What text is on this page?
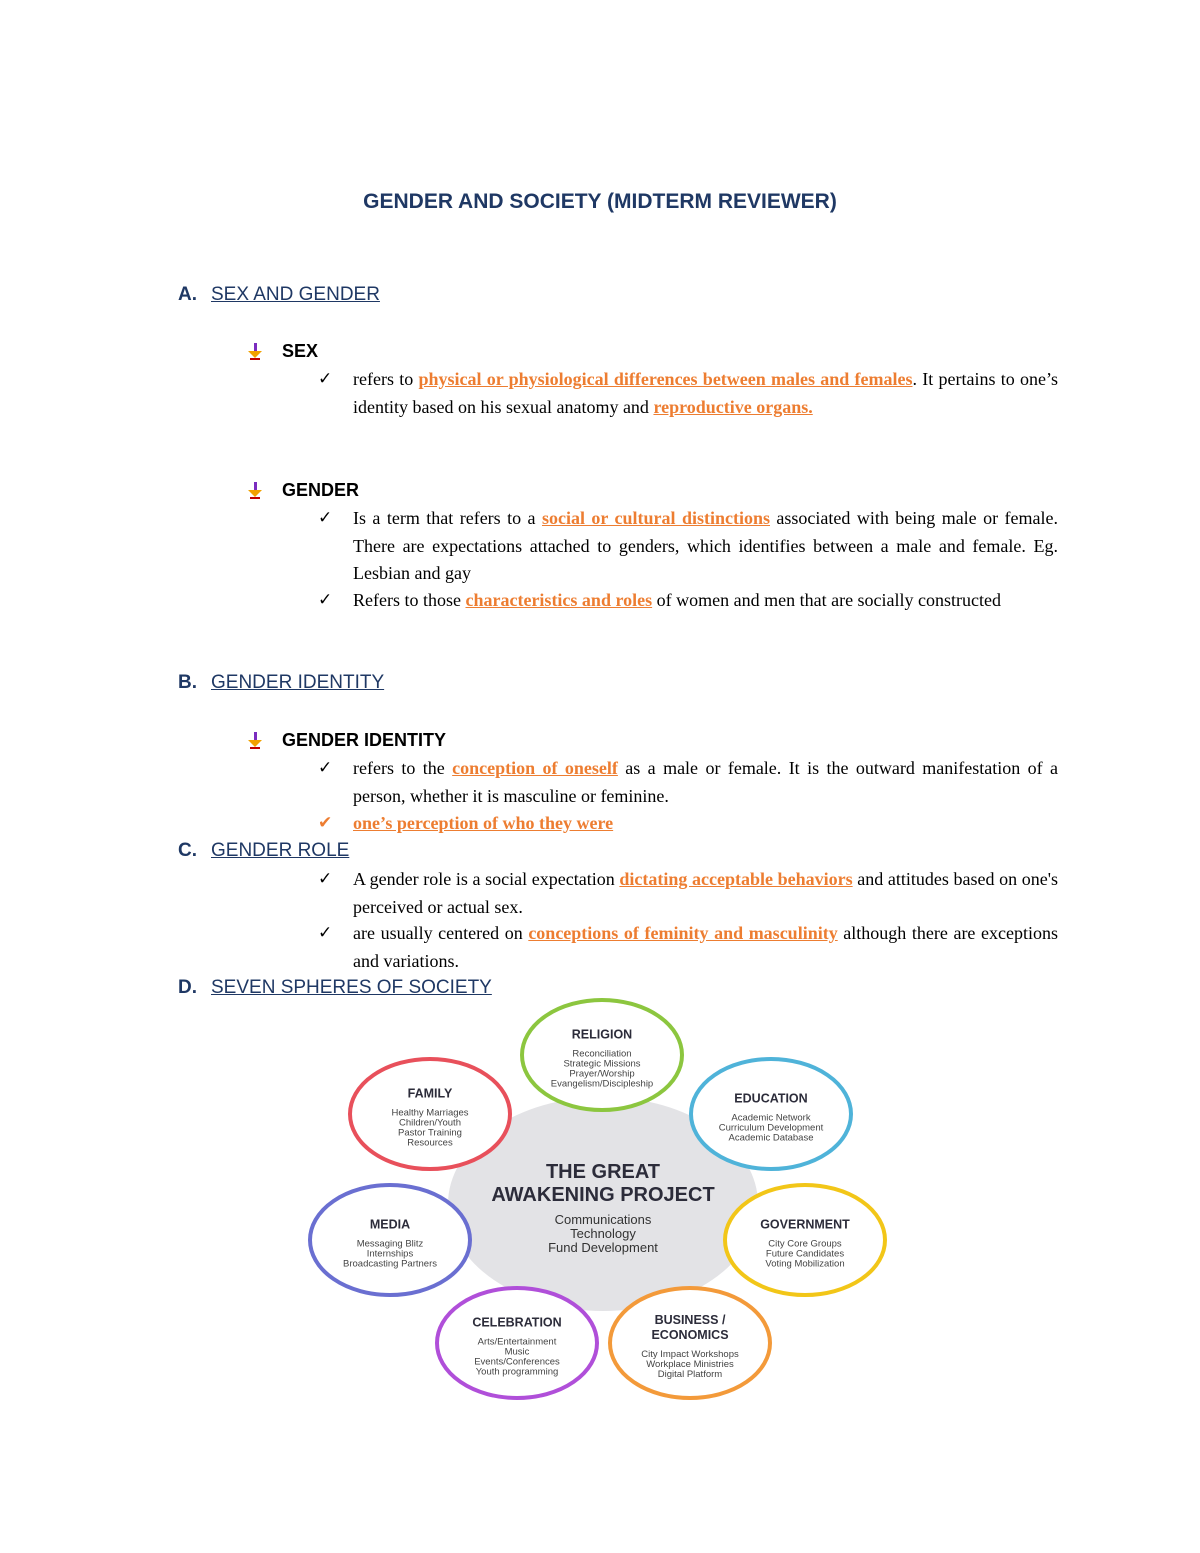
GENDER AND SOCIETY (MIDTERM REVIEWER)
A. SEX AND GENDER
SEX
✓	refers to physical or physiological differences between males and females. It pertains to one’s identity based on his sexual anatomy and reproductive organs.
GENDER
✓	Is a term that refers to a social or cultural distinctions associated with being male or female. There are expectations attached to genders, which identifies between a male and female. Eg. Lesbian and gay
✓	Refers to those characteristics and roles of women and men that are socially constructed
B. GENDER IDENTITY
GENDER IDENTITY
✓	refers to the conception of oneself as a male or female. It is the outward manifestation of a person, whether it is masculine or feminine.
✔	one’s perception of who they were
C. GENDER ROLE
✓	A gender role is a social expectation dictating acceptable behaviors and attitudes based on one's perceived or actual sex.
✓	are usually centered on conceptions of feminity and masculinity although there are exceptions and variations.
D. SEVEN SPHERES OF SOCIETY
THE GREAT
AWAKENING PROJECT
Communications
Technology
Fund Development
RELIGION
Reconciliation
Strategic Missions
Prayer/Worship
Evangelism/Discipleship
FAMILY
Healthy Marriages
Children/Youth
Pastor Training
Resources
EDUCATION
Academic Network
Curriculum Development
Academic Database
MEDIA
Messaging Blitz
Internships
Broadcasting Partners
GOVERNMENT
City Core Groups
Future Candidates
Voting Mobilization
CELEBRATION
Arts/Entertainment
Music
Events/Conferences
Youth programming
BUSINESS /
ECONOMICS
City Impact Workshops
Workplace Ministries
Digital Platform
